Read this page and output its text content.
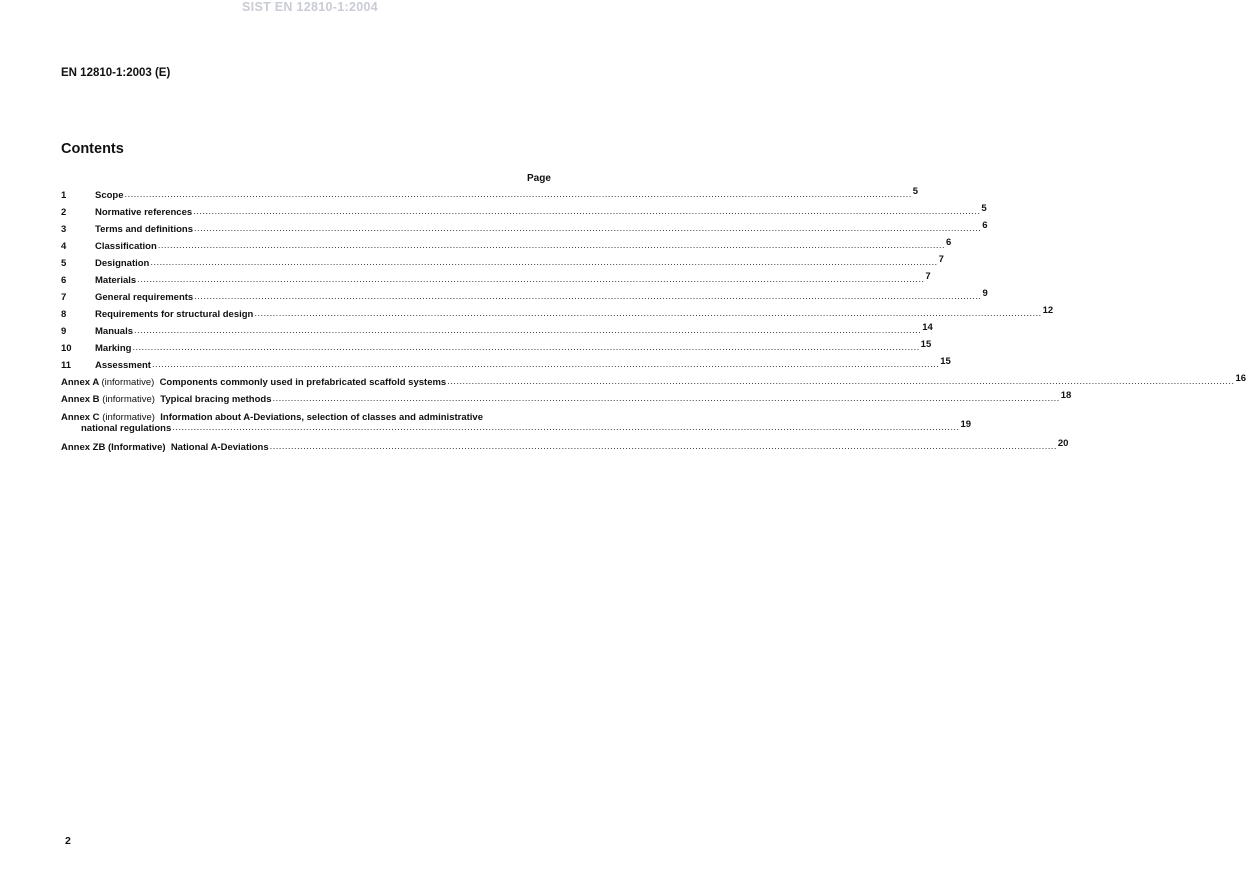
SIST EN 12810-1:2004
EN 12810-1:2003 (E)
Contents
Page
1	Scope ................................................................................................................................................................................................................................................................... 5
2	Normative references ................................................................................................................................................................................................................................................................... 5
3	Terms and definitions ................................................................................................................................................................................................................................................................... 6
4	Classification ................................................................................................................................................................................................................................................................... 6
5	Designation ................................................................................................................................................................................................................................................................... 7
6	Materials ................................................................................................................................................................................................................................................................... 7
7	General requirements ................................................................................................................................................................................................................................................................... 9
8	Requirements for structural design ................................................................................................................................................................................................................................................................... 12
9	Manuals ................................................................................................................................................................................................................................................................... 14
10	Marking ................................................................................................................................................................................................................................................................... 15
11	Assessment ................................................................................................................................................................................................................................................................... 15
Annex A (informative) Components commonly used in prefabricated scaffold systems ................................................................................................................................................................................................................................................................... 16
Annex B (informative) Typical bracing methods ................................................................................................................................................................................................................................................................... 18
Annex C (informative) Information about A-Deviations, selection of classes and administrative
national regulations ................................................................................................................................................................................................................................................................... 19
Annex ZB (Informative) National A-Deviations ................................................................................................................................................................................................................................................................... 20
2
